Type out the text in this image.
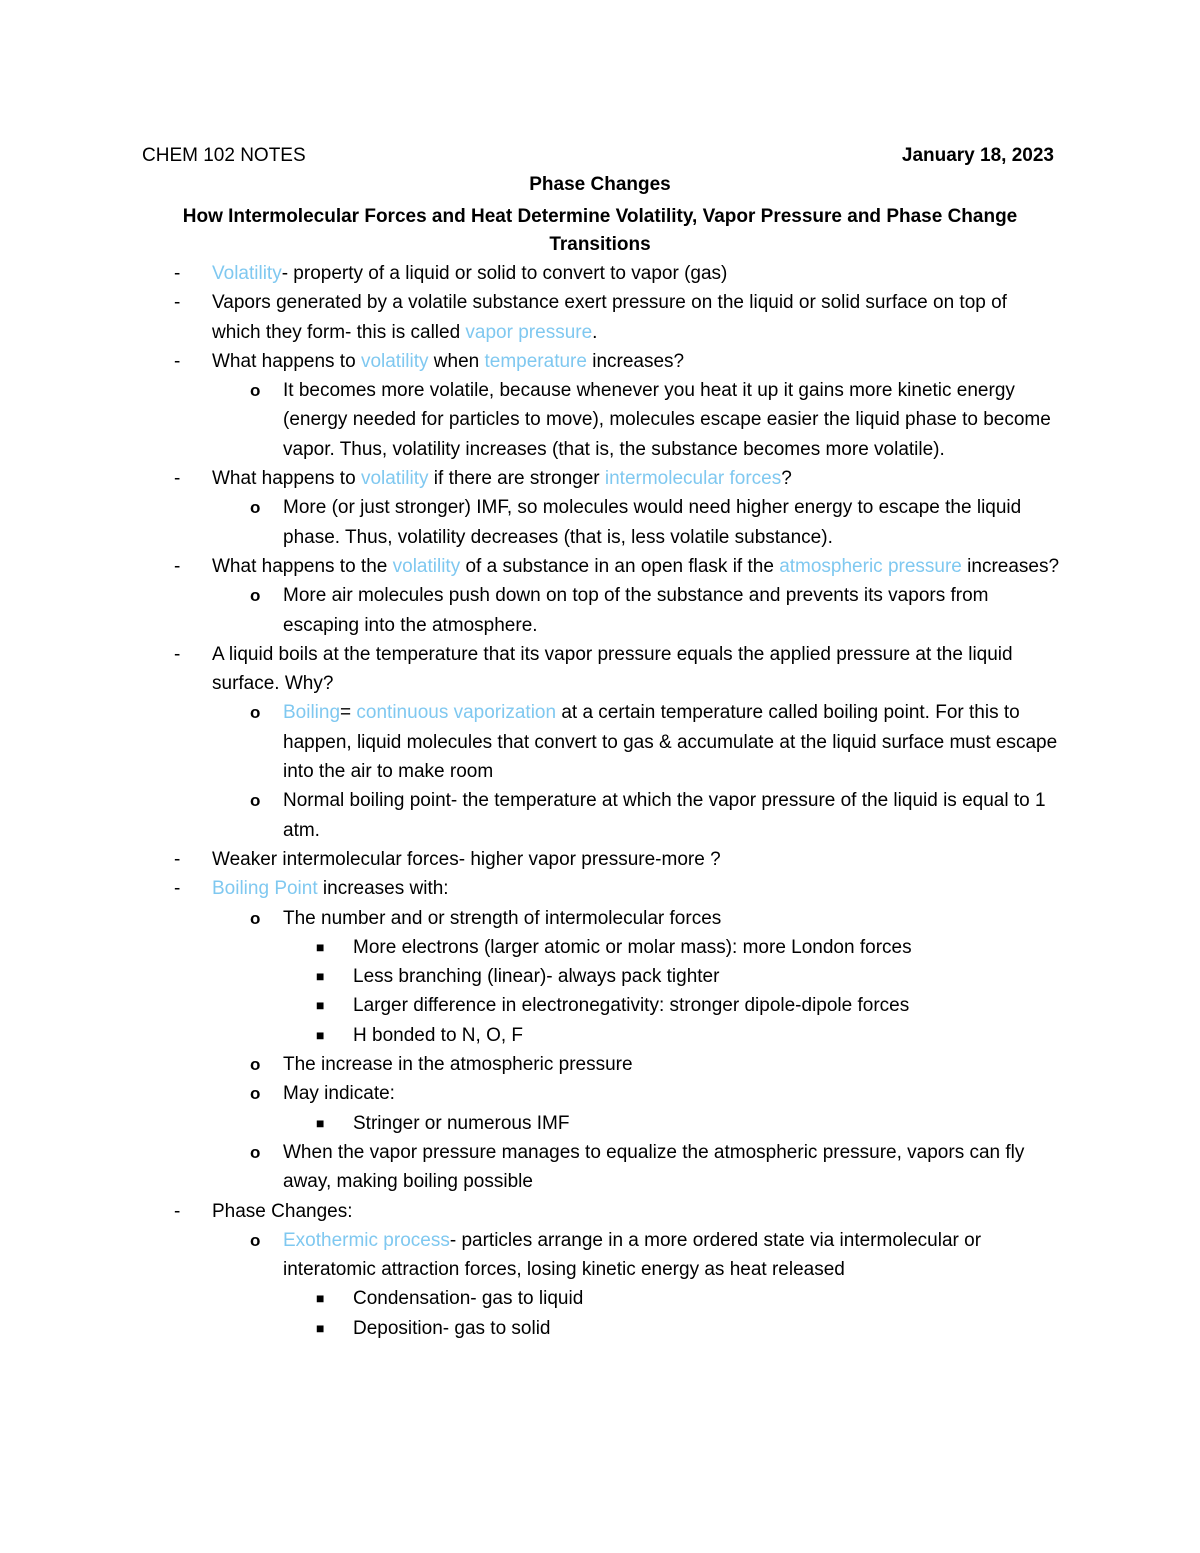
CHEM 102 NOTES	January 18, 2023
Phase Changes
How Intermolecular Forces and Heat Determine Volatility, Vapor Pressure and Phase Change Transitions
- Volatility- property of a liquid or solid to convert to vapor (gas)
- Vapors generated by a volatile substance exert pressure on the liquid or solid surface on top of which they form- this is called vapor pressure.
- What happens to volatility when temperature increases?
o It becomes more volatile, because whenever you heat it up it gains more kinetic energy (energy needed for particles to move), molecules escape easier the liquid phase to become vapor. Thus, volatility increases (that is, the substance becomes more volatile).
- What happens to volatility if there are stronger intermolecular forces?
o More (or just stronger) IMF, so molecules would need higher energy to escape the liquid phase. Thus, volatility decreases (that is, less volatile substance).
- What happens to the volatility of a substance in an open flask if the atmospheric pressure increases?
o More air molecules push down on top of the substance and prevents its vapors from escaping into the atmosphere.
- A liquid boils at the temperature that its vapor pressure equals the applied pressure at the liquid surface. Why?
o Boiling= continuous vaporization at a certain temperature called boiling point. For this to happen, liquid molecules that convert to gas & accumulate at the liquid surface must escape into the air to make room
o Normal boiling point- the temperature at which the vapor pressure of the liquid is equal to 1 atm.
- Weaker intermolecular forces- higher vapor pressure-more ?
- Boiling Point increases with:
o The number and or strength of intermolecular forces
■ More electrons (larger atomic or molar mass): more London forces
■ Less branching (linear)- always pack tighter
■ Larger difference in electronegativity: stronger dipole-dipole forces
■ H bonded to N, O, F
o The increase in the atmospheric pressure
o May indicate:
■ Stringer or numerous IMF
o When the vapor pressure manages to equalize the atmospheric pressure, vapors can fly away, making boiling possible
- Phase Changes:
o Exothermic process- particles arrange in a more ordered state via intermolecular or interatomic attraction forces, losing kinetic energy as heat released
■ Condensation- gas to liquid
■ Deposition- gas to solid
